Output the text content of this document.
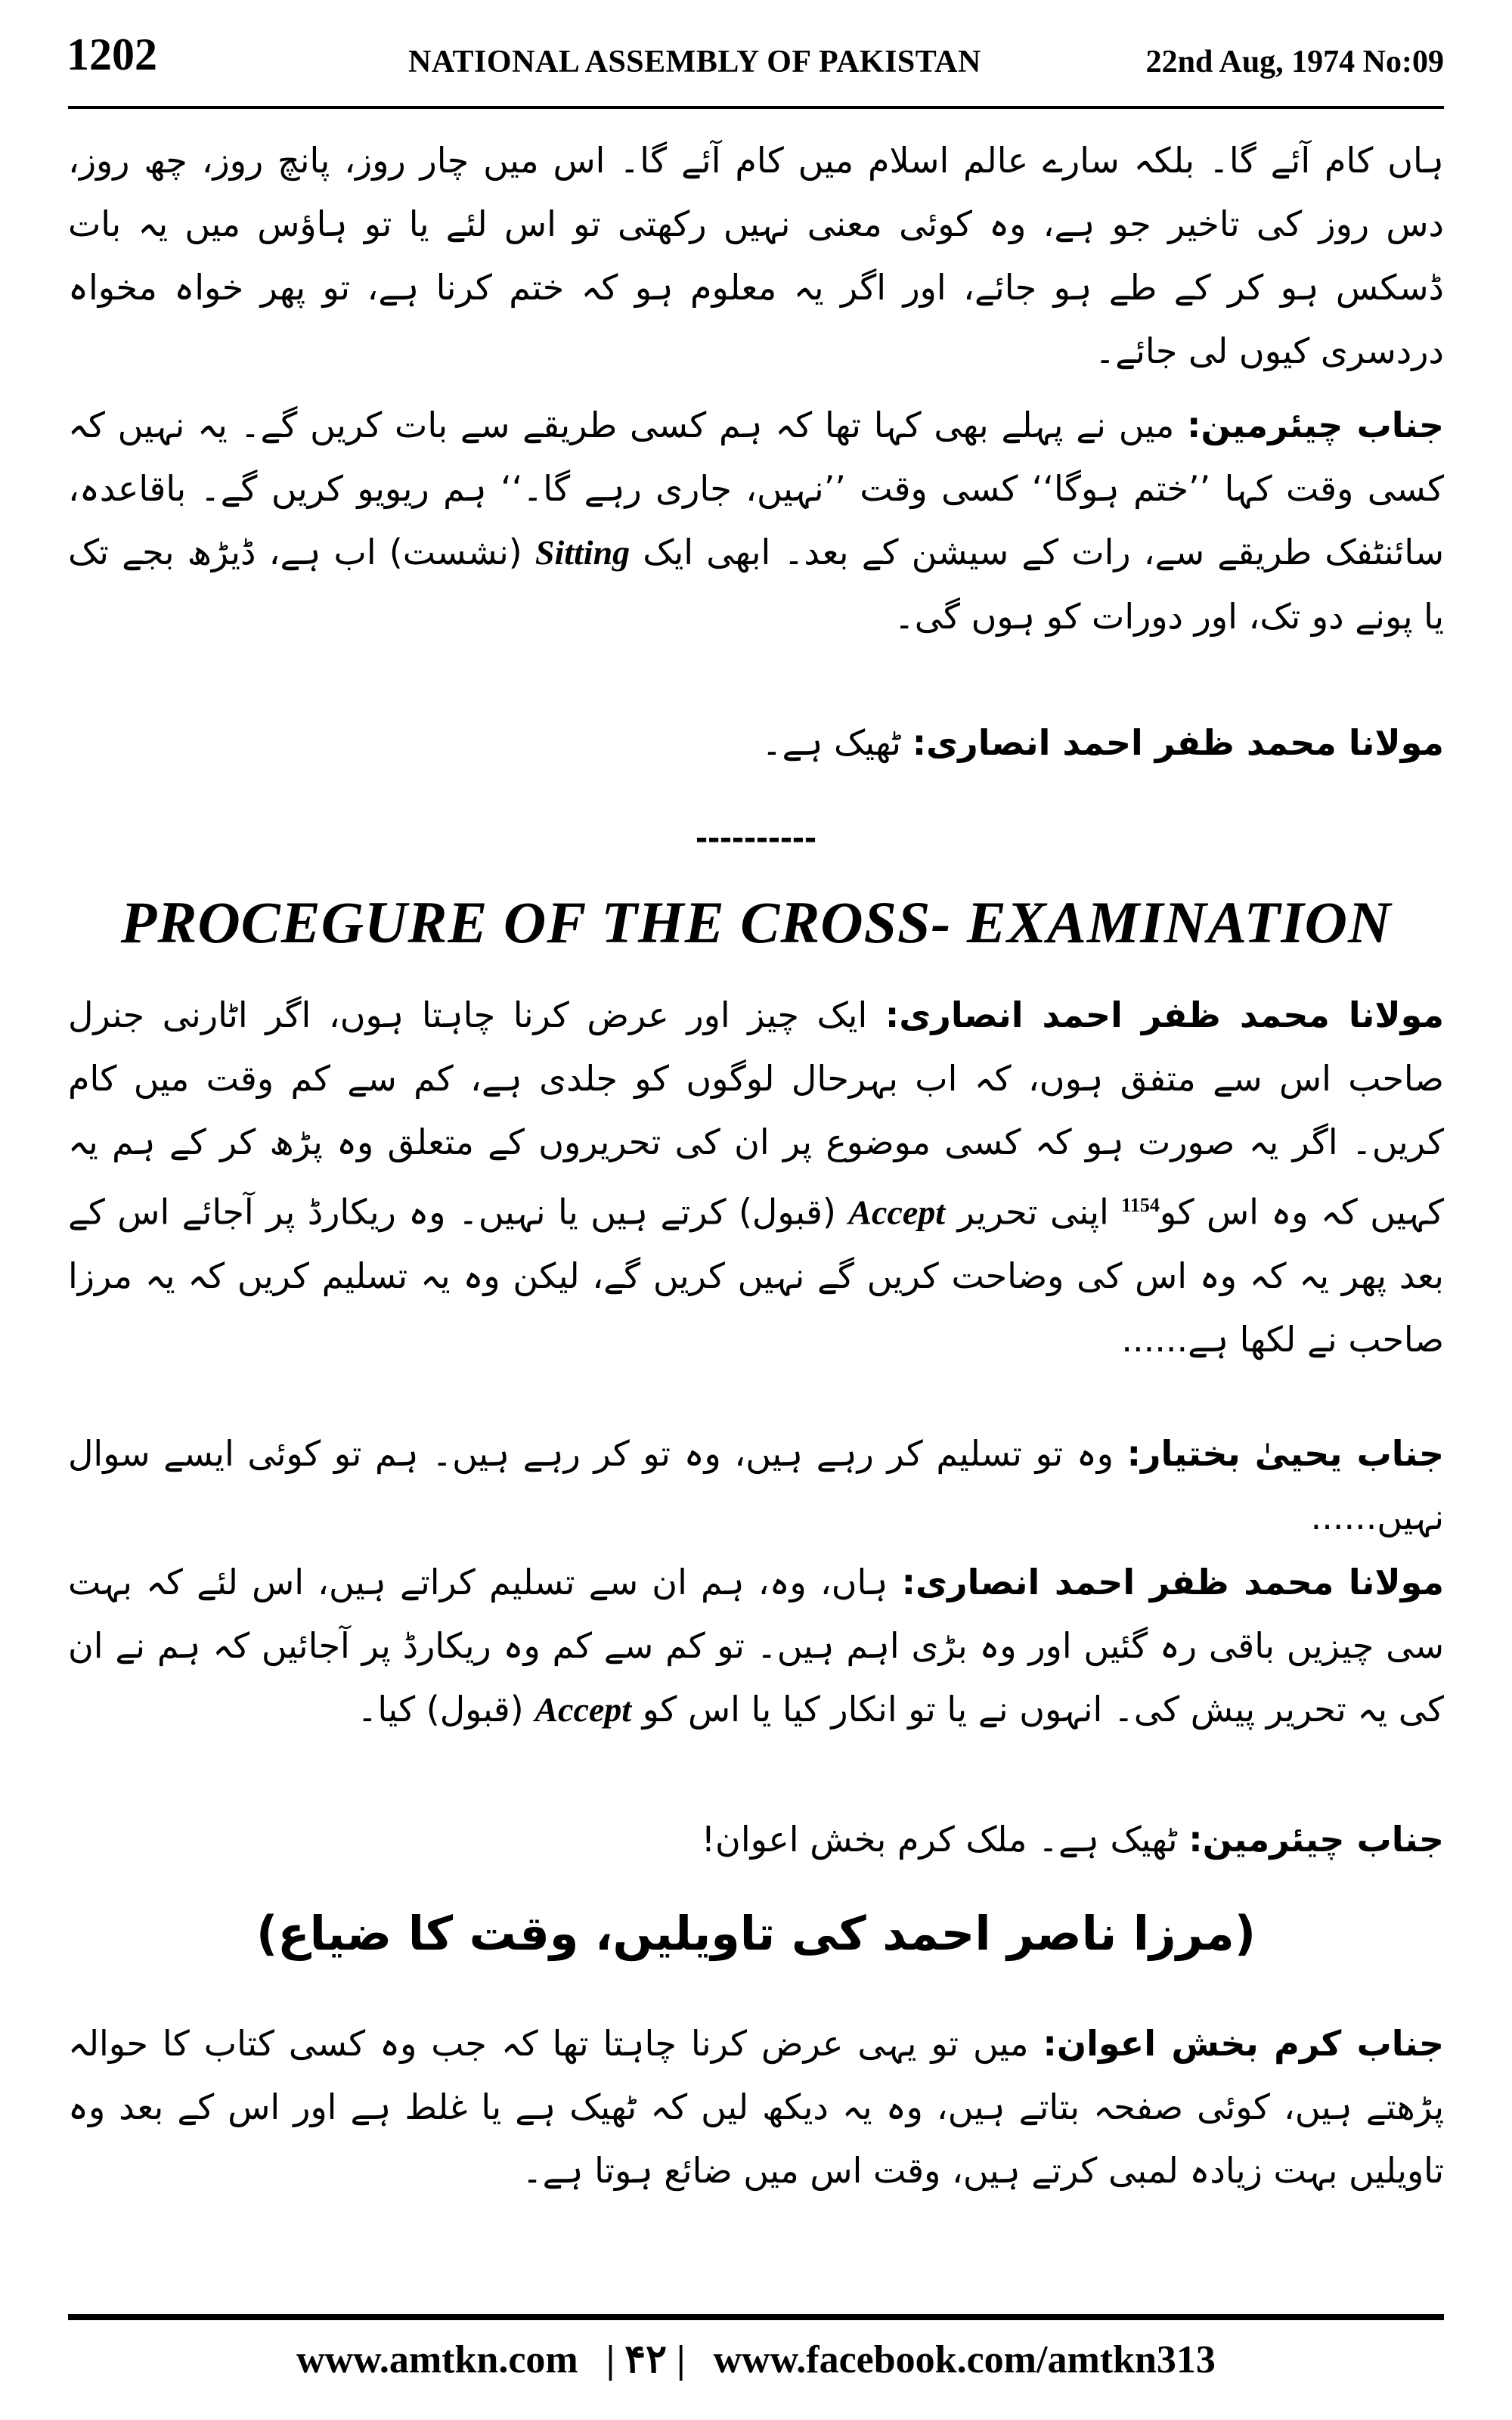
1202	NATIONAL ASSEMBLY OF PAKISTAN	22nd Aug, 1974 No:09

ہاں کام آئے گا۔ بلکہ سارے عالم اسلام میں کام آئے گا۔ اس میں چار روز، پانچ روز، چھ روز، دس روز کی تاخیر جو ہے، وہ کوئی معنی نہیں رکھتی تو اس لئے یا تو ہاؤس میں یہ بات ڈسکس ہو کر کے طے ہو جائے، اور اگر یہ معلوم ہو کہ ختم کرنا ہے، تو پھر خواہ مخواہ دردسری کیوں لی جائے۔

جناب چیئرمین: میں نے پہلے بھی کہا تھا کہ ہم کسی طریقے سے بات کریں گے۔ یہ نہیں کہ کسی وقت کہا ’’ختم ہوگا‘‘ کسی وقت ’’نہیں، جاری رہے گا۔‘‘ ہم ریویو کریں گے۔ باقاعدہ، سائنٹفک طریقے سے، رات کے سیشن کے بعد۔ ابھی ایک Sitting (نشست) اب ہے، ڈیڑھ بجے تک یا پونے دو تک، اور دورات کو ہوں گی۔

مولانا محمد ظفر احمد انصاری: ٹھیک ہے۔

----------
PROCEGURE OF THE CROSS- EXAMINATION

مولانا محمد ظفر احمد انصاری: ایک چیز اور عرض کرنا چاہتا ہوں، اگر اٹارنی جنرل صاحب اس سے متفق ہوں، کہ اب بہرحال لوگوں کو جلدی ہے، کم سے کم وقت میں کام کریں۔ اگر یہ صورت ہو کہ کسی موضوع پر ان کی تحریروں کے متعلق وہ پڑھ کر کے ہم یہ کہیں کہ وہ اس کو$^{1154}$ اپنی تحریر Accept (قبول) کرتے ہیں یا نہیں۔ وہ ریکارڈ پر آجائے اس کے بعد پھر یہ کہ وہ اس کی وضاحت کریں گے نہیں کریں گے، لیکن وہ یہ تسلیم کریں کہ یہ مرزا صاحب نے لکھا ہے......

جناب یحییٰ بختیار: وہ تو تسلیم کر رہے ہیں، وہ تو کر رہے ہیں۔ ہم تو کوئی ایسے سوال نہیں......

مولانا محمد ظفر احمد انصاری: ہاں، وہ، ہم ان سے تسلیم کراتے ہیں، اس لئے کہ بہت سی چیزیں باقی رہ گئیں اور وہ بڑی اہم ہیں۔ تو کم سے کم وہ ریکارڈ پر آجائیں کہ ہم نے ان کی یہ تحریر پیش کی۔ انہوں نے یا تو انکار کیا یا اس کو Accept (قبول) کیا۔

جناب چیئرمین: ٹھیک ہے۔ ملک کرم بخش اعوان!

(مرزا ناصر احمد کی تاویلیں، وقت کا ضیاع)

جناب کرم بخش اعوان: میں تو یہی عرض کرنا چاہتا تھا کہ جب وہ کسی کتاب کا حوالہ پڑھتے ہیں، کوئی صفحہ بتاتے ہیں، وہ یہ دیکھ لیں کہ ٹھیک ہے یا غلط ہے اور اس کے بعد وہ تاویلیں بہت زیادہ لمبی کرتے ہیں، وقت اس میں ضائع ہوتا ہے۔

www.amtkn.com | ۴۲ | www.facebook.com/amtkn313
